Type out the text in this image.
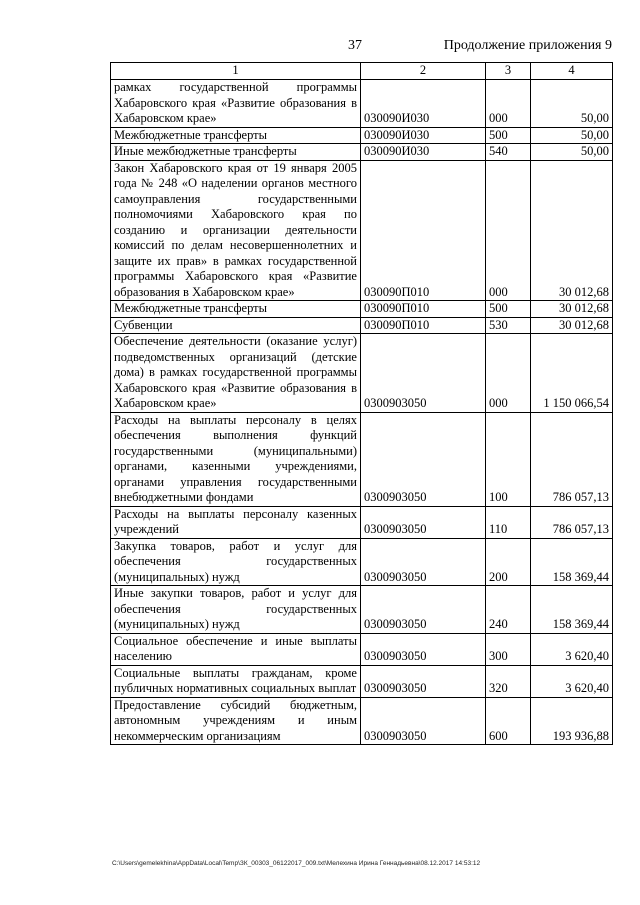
37	Продолжение приложения 9
1	2	3	4
рамках государственной программы Хабаровского края «Развитие образования в Хабаровском крае»	030090И030	000	50,00
Межбюджетные трансферты	030090И030	500	50,00
Иные межбюджетные трансферты	030090И030	540	50,00
Закон Хабаровского края от 19 января 2005 года № 248 «О наделении органов местного самоуправления государственными полномочиями Хабаровского края по созданию и организации деятельности комиссий по делам несовершеннолетних и защите их прав» в рамках государственной программы Хабаровского края «Развитие образования в Хабаровском крае»	030090П010	000	30 012,68
Межбюджетные трансферты	030090П010	500	30 012,68
Субвенции	030090П010	530	30 012,68
Обеспечение деятельности (оказание услуг) подведомственных организаций (детские дома) в рамках государственной программы Хабаровского края «Развитие образования в Хабаровском крае»	0300903050	000	1 150 066,54
Расходы на выплаты персоналу в целях обеспечения выполнения функций государственными (муниципальными) органами, казенными учреждениями, органами управления государственными внебюджетными фондами	0300903050	100	786 057,13
Расходы на выплаты персоналу казенных учреждений	0300903050	110	786 057,13
Закупка товаров, работ и услуг для обеспечения государственных (муниципальных) нужд	0300903050	200	158 369,44
Иные закупки товаров, работ и услуг для обеспечения государственных (муниципальных) нужд	0300903050	240	158 369,44
Социальное обеспечение и иные выплаты населению	0300903050	300	3 620,40
Социальные выплаты гражданам, кроме публичных нормативных социальных выплат	0300903050	320	3 620,40
Предоставление субсидий бюджетным, автономным учреждениям и иным некоммерческим организациям	0300903050	600	193 936,88
C:\Users\gemelekhina\AppData\Local\Temp\ЗК_00303_06122017_009.txt\Мелехина Ирина Геннадьевна\08.12.2017 14:53:12
